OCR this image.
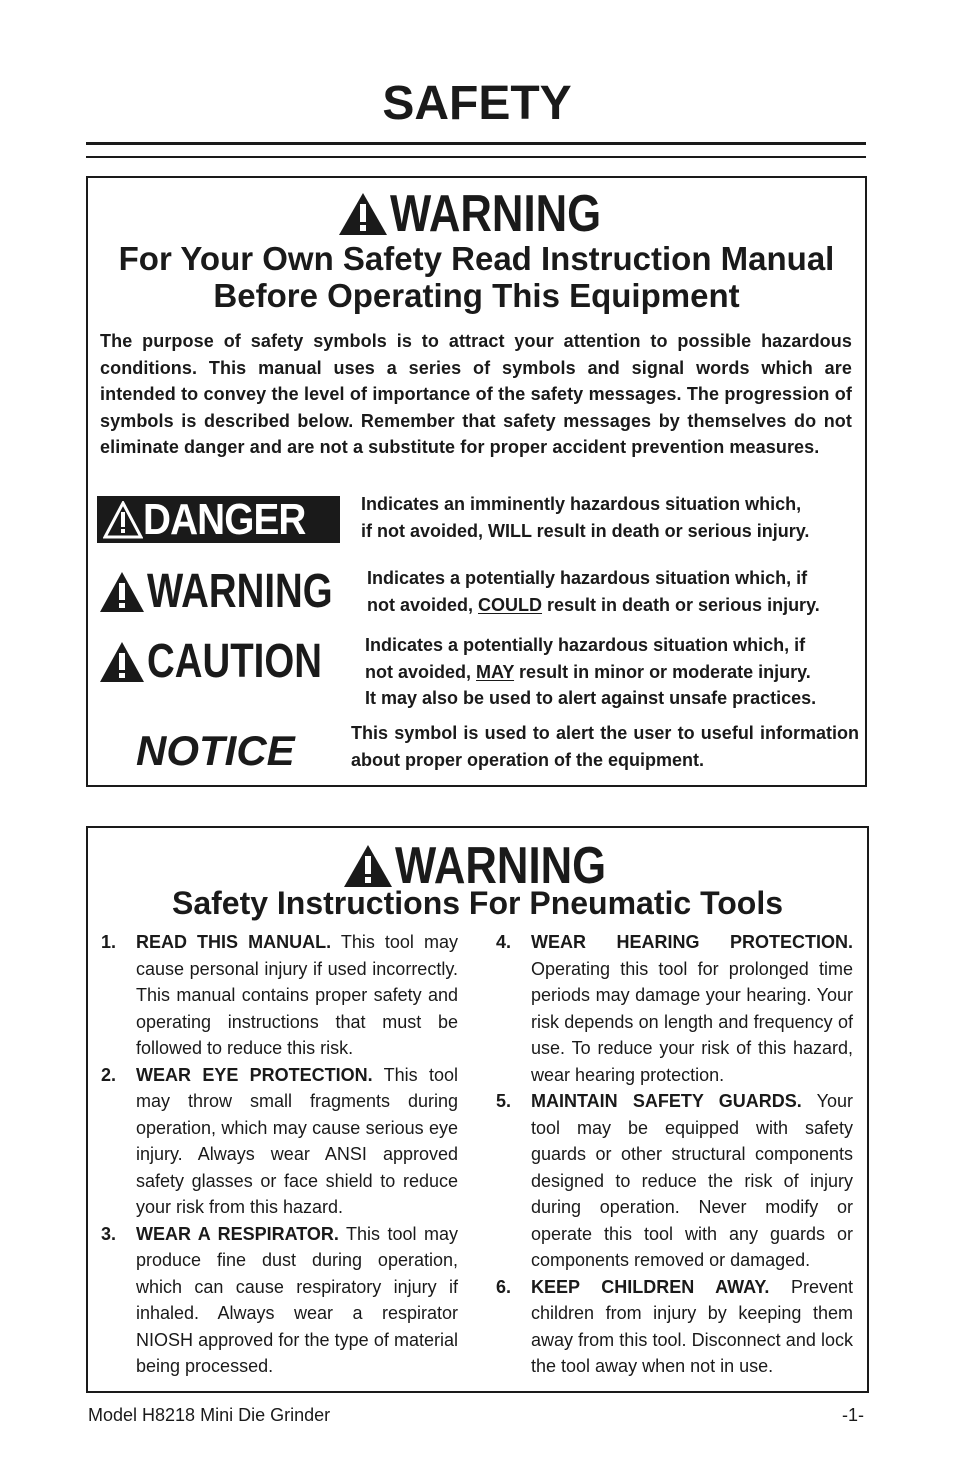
SAFETY
WARNING
For Your Own Safety Read Instruction Manual
Before Operating This Equipment

The purpose of safety symbols is to attract your attention to possible hazardous conditions. This manual uses a series of symbols and signal words which are intended to convey the level of importance of the safety messages. The progression of symbols is described below. Remember that safety messages by themselves do not eliminate danger and are not a substitute for proper accident prevention measures.

DANGER	Indicates an imminently hazardous situation which,
if not avoided, WILL result in death or serious injury.

WARNING Indicates a potentially hazardous situation which, if
not avoided, COULD result in death or serious injury.

CAUTION Indicates a potentially hazardous situation which, if
not avoided, MAY result in minor or moderate injury.
It may also be used to alert against unsafe practices.

NOTICE	This symbol is used to alert the user to useful information about proper operation of the equipment.

WARNING
Safety Instructions For Pneumatic Tools
1. READ THIS MANUAL. This tool may cause personal injury if used incorrectly. This manual contains proper safety and operating instructions that must be followed to reduce this risk.
2. WEAR EYE PROTECTION. This tool may throw small fragments during operation, which may cause serious eye injury. Always wear ANSI approved safety glasses or face shield to reduce your risk from this hazard.
3. WEAR A RESPIRATOR. This tool may produce fine dust during operation, which can cause respiratory injury if inhaled. Always wear a respirator NIOSH approved for the type of material being processed.
4. WEAR HEARING PROTECTION. Operating this tool for prolonged time periods may damage your hearing. Your risk depends on length and frequency of use. To reduce your risk of this hazard, wear hearing protection.
5. MAINTAIN SAFETY GUARDS. Your tool may be equipped with safety guards or other structural components designed to reduce the risk of injury during operation. Never modify or operate this tool with any guards or components removed or damaged.
6. KEEP CHILDREN AWAY. Prevent children from injury by keeping them away from this tool. Disconnect and lock the tool away when not in use.
Model H8218 Mini Die Grinder	-1-
